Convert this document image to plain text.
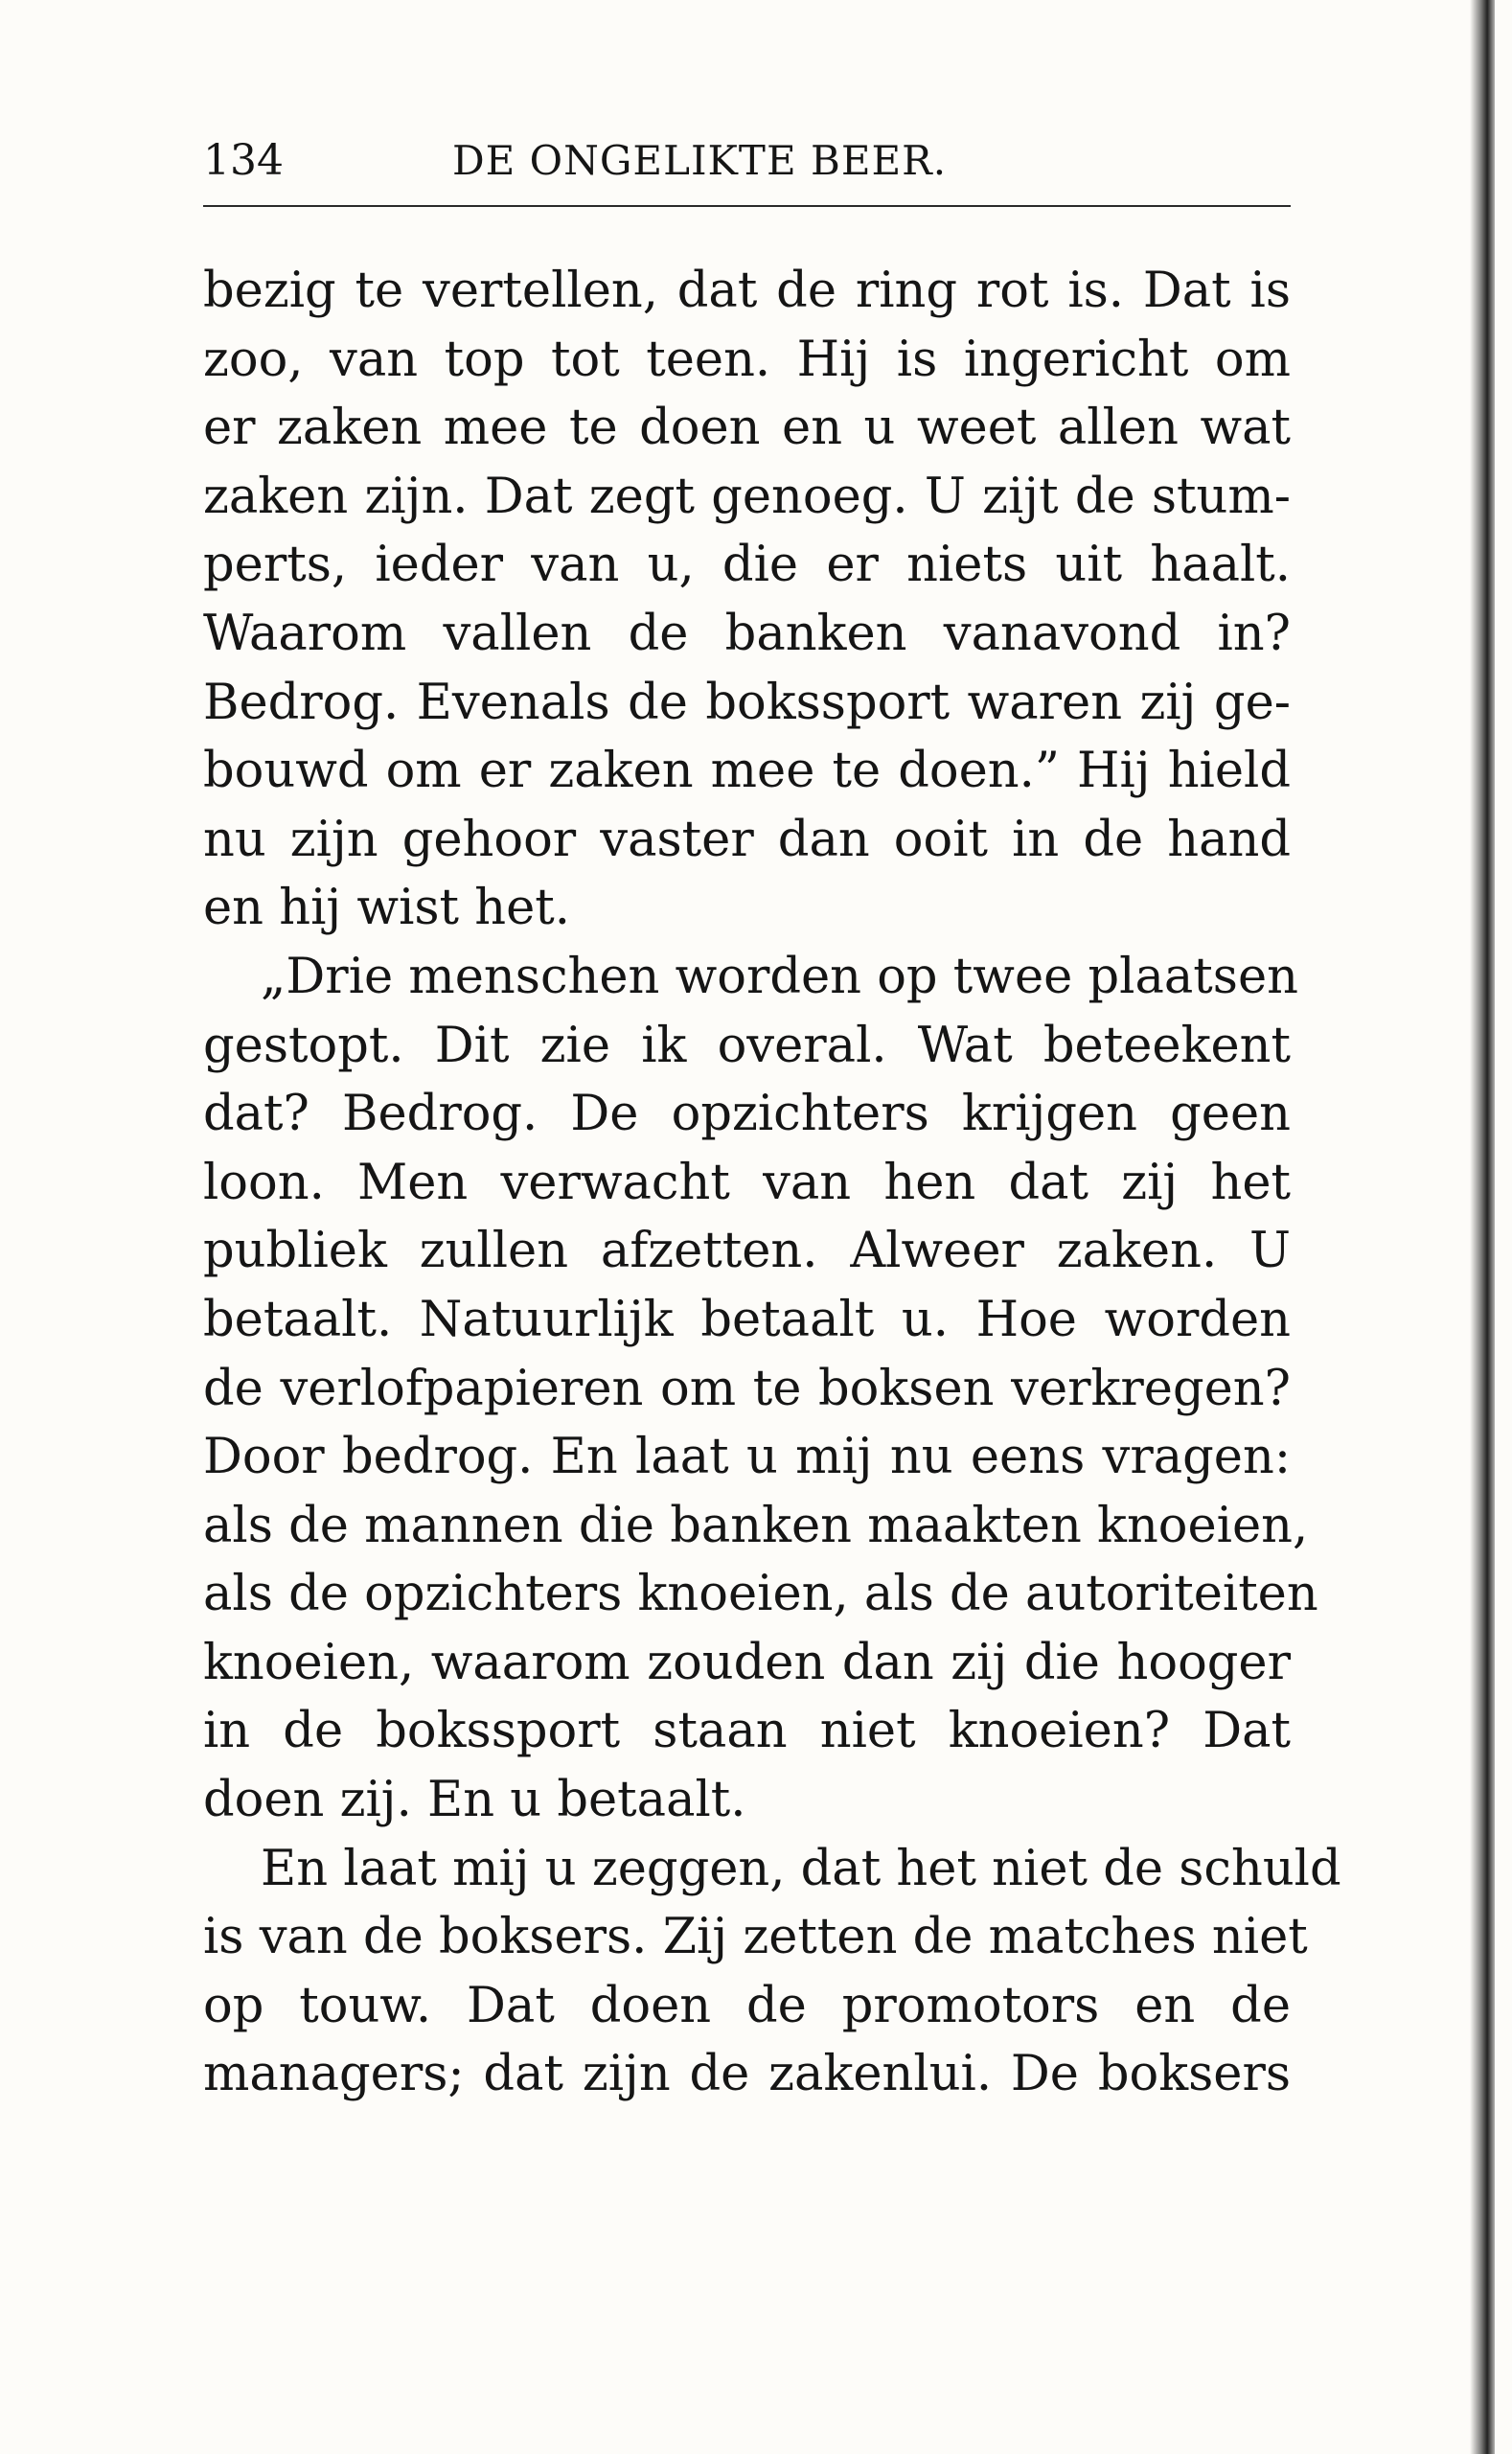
134	DE ONGELIKTE BEER.
bezig te vertellen, dat de ring rot is. Dat is
zoo, van top tot teen. Hij is ingericht om
er zaken mee te doen en u weet allen wat
zaken zijn. Dat zegt genoeg. U zijt de stum-
perts, ieder van u, die er niets uit haalt.
Waarom vallen de banken vanavond in?
Bedrog. Evenals de bokssport waren zij ge-
bouwd om er zaken mee te doen.” Hij hield
nu zijn gehoor vaster dan ooit in de hand
en hij wist het.
„Drie menschen worden op twee plaatsen
gestopt. Dit zie ik overal. Wat beteekent
dat? Bedrog. De opzichters krijgen geen
loon. Men verwacht van hen dat zij het
publiek zullen afzetten. Alweer zaken. U
betaalt. Natuurlijk betaalt u. Hoe worden
de verlofpapieren om te boksen verkregen?
Door bedrog. En laat u mij nu eens vragen:
als de mannen die banken maakten knoeien,
als de opzichters knoeien, als de autoriteiten
knoeien, waarom zouden dan zij die hooger
in de bokssport staan niet knoeien? Dat
doen zij. En u betaalt.
En laat mij u zeggen, dat het niet de schuld
is van de boksers. Zij zetten de matches niet
op touw. Dat doen de promotors en de
managers; dat zijn de zakenlui. De boksers
